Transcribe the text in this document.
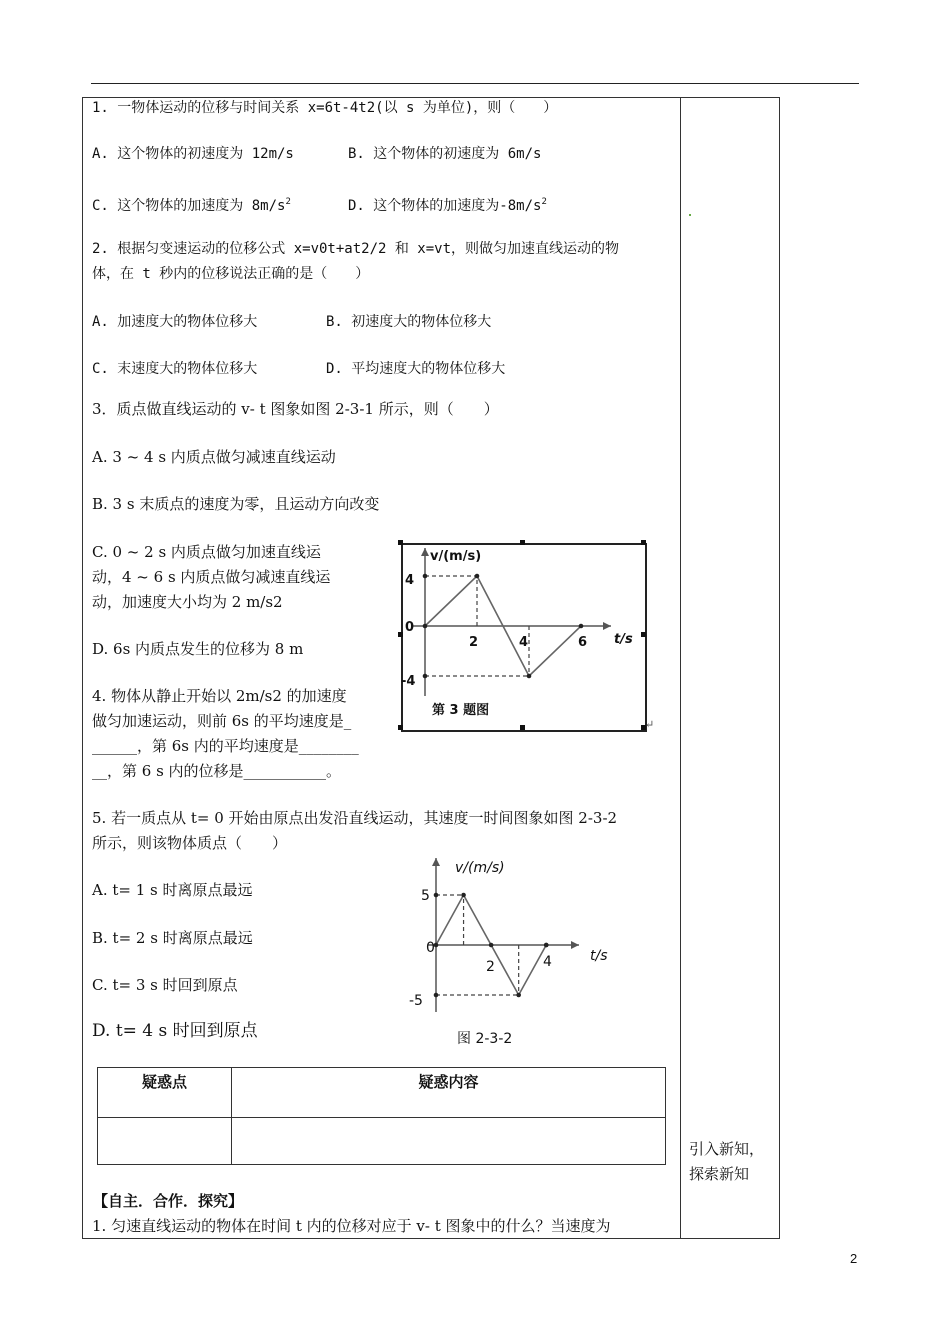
1. 一物体运动的位移与时间关系 x=6t-4t2(以 s 为单位)，则（　　）
A. 这个物体的初速度为 12m/s	B. 这个物体的初速度为 6m/s
C. 这个物体的加速度为 $8m/s^2$	D. 这个物体的加速度为$-8m/s^2$
2. 根据匀变速运动的位移公式 x=v0t+at2/2 和 x=vt，则做匀加速直线运动的物
体，在 t 秒内的位移说法正确的是（　　）
A. 加速度大的物体位移大	B. 初速度大的物体位移大
C. 末速度大的物体位移大	D. 平均速度大的物体位移大
3．质点做直线运动的 v- t 图象如图 2-3-1 所示，则（　　）
A. 3 ~ 4 s 内质点做匀减速直线运动
B. 3 s 末质点的速度为零，且运动方向改变
C. 0 ~ 2 s 内质点做匀加速直线运
动，4 ~ 6 s 内质点做匀减速直线运
动，加速度大小均为 2 m/s2
D. 6s 内质点发生的位移为 8 m
v/(m/s)
t/s
4
0
-4
2	4	6
第 3 题图
↵
v/(m/s)
t/s
5
0
-5
2	4
图 2-3-2
4. 物体从静止开始以 2m/s2 的加速度
做匀加速运动，则前 6s 的平均速度是_
______，第 6s 内的平均速度是________
__，第 6 s 内的位移是___________。
5. 若一质点从 t= 0 开始由原点出发沿直线运动，其速度一时间图象如图 2-3-2
所示，则该物体质点（　　）
A. t= 1 s 时离原点最远
B. t= 2 s 时离原点最远
C. t= 3 s 时回到原点
D. t= 4 s 时回到原点
疑惑点	疑惑内容

引入新知，探索新知
【自主．合作．探究】
1. 匀速直线运动的物体在时间 t 内的位移对应于 v- t 图象中的什么？当速度为
2
